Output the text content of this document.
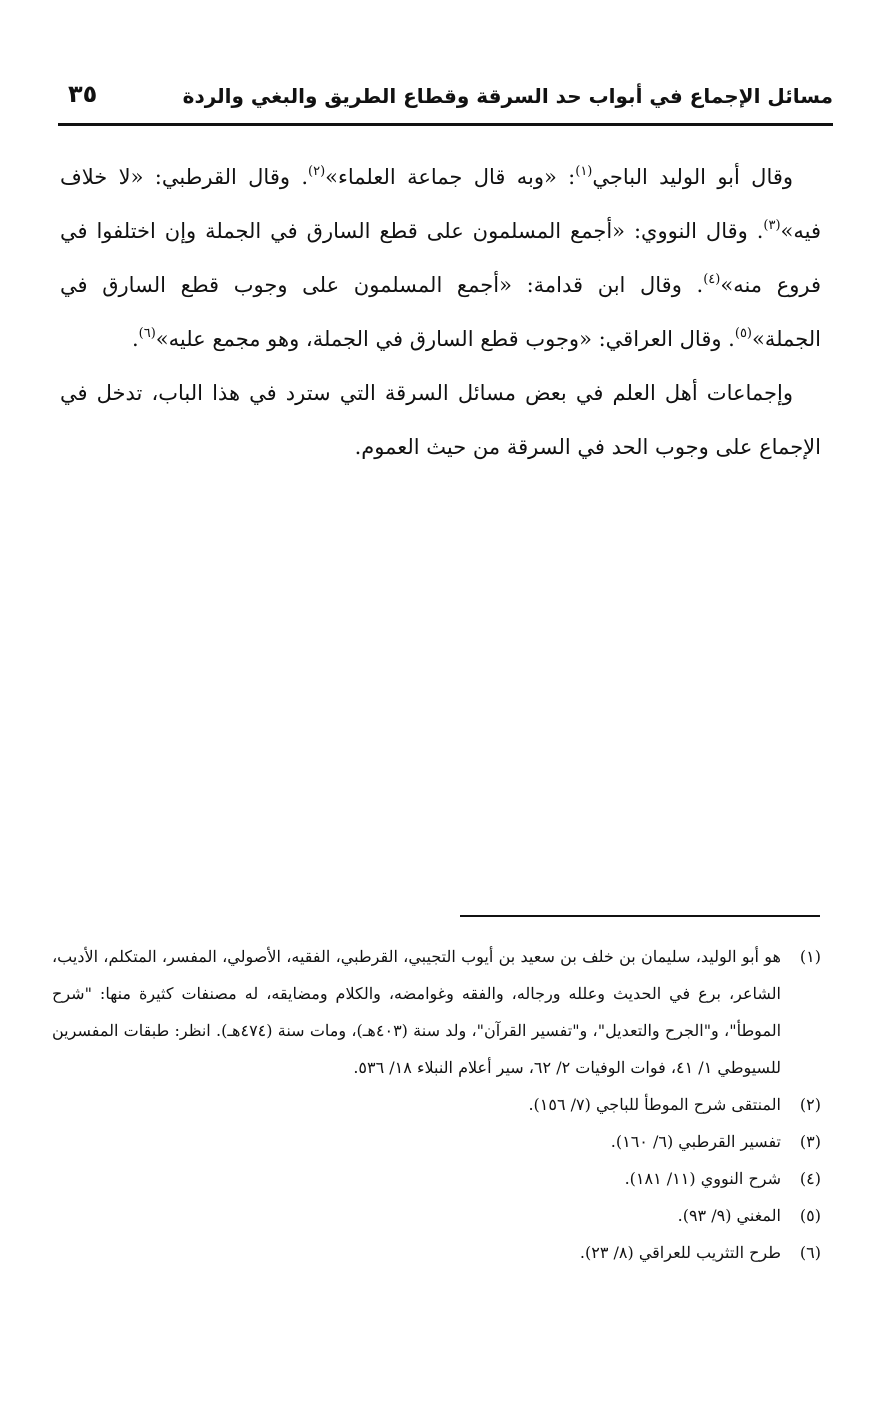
مسائل الإجماع في أبواب حد السرقة وقطاع الطريق والبغي والردة
٣٥

وقال أبو الوليد الباجي$^{(١)}$: «وبه قال جماعة العلماء»$^{(٢)}$. وقال القرطبي: «لا خلاف فيه»$^{(٣)}$. وقال النووي: «أجمع المسلمون على قطع السارق في الجملة وإن اختلفوا في فروع منه»$^{(٤)}$. وقال ابن قدامة: «أجمع المسلمون على وجوب قطع السارق في الجملة»$^{(٥)}$. وقال العراقي: «وجوب قطع السارق في الجملة، وهو مجمع عليه»$^{(٦)}$.

وإجماعات أهل العلم في بعض مسائل السرقة التي سترد في هذا الباب، تدخل في الإجماع على وجوب الحد في السرقة من حيث العموم.

(١)
هو أبو الوليد، سليمان بن خلف بن سعيد بن أيوب التجيبي، القرطبي، الفقيه، الأصولي، المفسر، المتكلم، الأديب، الشاعر، برع في الحديث وعلله ورجاله، والفقه وغوامضه، والكلام ومضايقه، له مصنفات كثيرة منها: "شرح الموطأ"، و"الجرح والتعديل"، و"تفسير القرآن"، ولد سنة (٤٠٣هـ)، ومات سنة (٤٧٤هـ). انظر: طبقات المفسرين للسيوطي ١/ ٤١، فوات الوفيات ٢/ ٦٢، سير أعلام النبلاء ١٨/ ٥٣٦.
(٢)
المنتقى شرح الموطأ للباجي (٧/ ١٥٦).
(٣)
تفسير القرطبي (٦/ ١٦٠).
(٤)
شرح النووي (١١/ ١٨١).
(٥)
المغني (٩/ ٩٣).
(٦)
طرح التثريب للعراقي (٨/ ٢٣).
